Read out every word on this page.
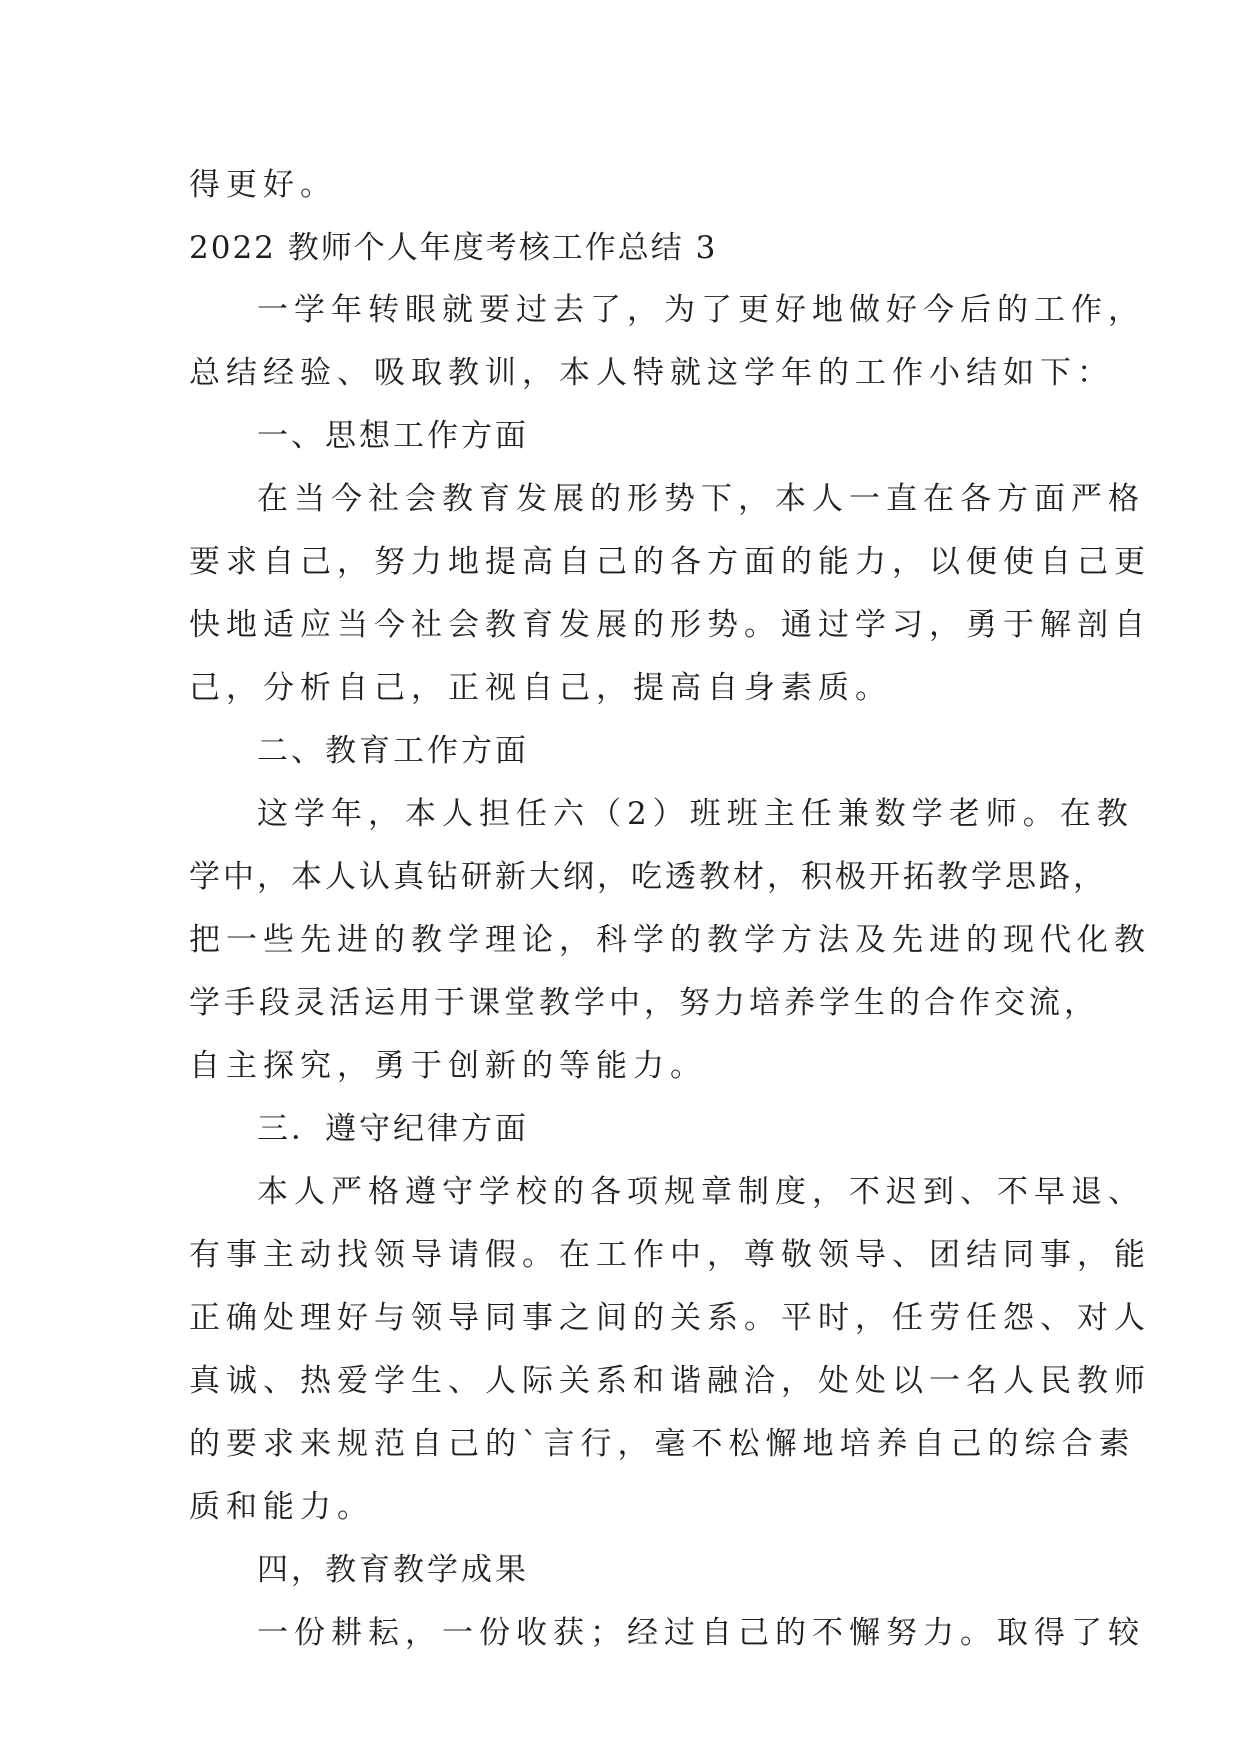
得更好。
2022 教师个人年度考核工作总结 3
一学年转眼就要过去了，为了更好地做好今后的工作，
总结经验、吸取教训，本人特就这学年的工作小结如下：
一、思想工作方面
在当今社会教育发展的形势下，本人一直在各方面严格
要求自己，努力地提高自己的各方面的能力，以便使自己更
快地适应当今社会教育发展的形势。通过学习，勇于解剖自
己，分析自己，正视自己，提高自身素质。
二、教育工作方面
这学年，本人担任六（2）班班主任兼数学老师。在教
学中，本人认真钻研新大纲，吃透教材，积极开拓教学思路，
把一些先进的教学理论，科学的教学方法及先进的现代化教
学手段灵活运用于课堂教学中，努力培养学生的合作交流，
自主探究，勇于创新的等能力。
三．遵守纪律方面
本人严格遵守学校的各项规章制度，不迟到、不早退、
有事主动找领导请假。在工作中，尊敬领导、团结同事，能
正确处理好与领导同事之间的关系。平时，任劳任怨、对人
真诚、热爱学生、人际关系和谐融洽，处处以一名人民教师
的要求来规范自己的`言行，毫不松懈地培养自己的综合素
质和能力。
四，教育教学成果
一份耕耘，一份收获；经过自己的不懈努力。取得了较
